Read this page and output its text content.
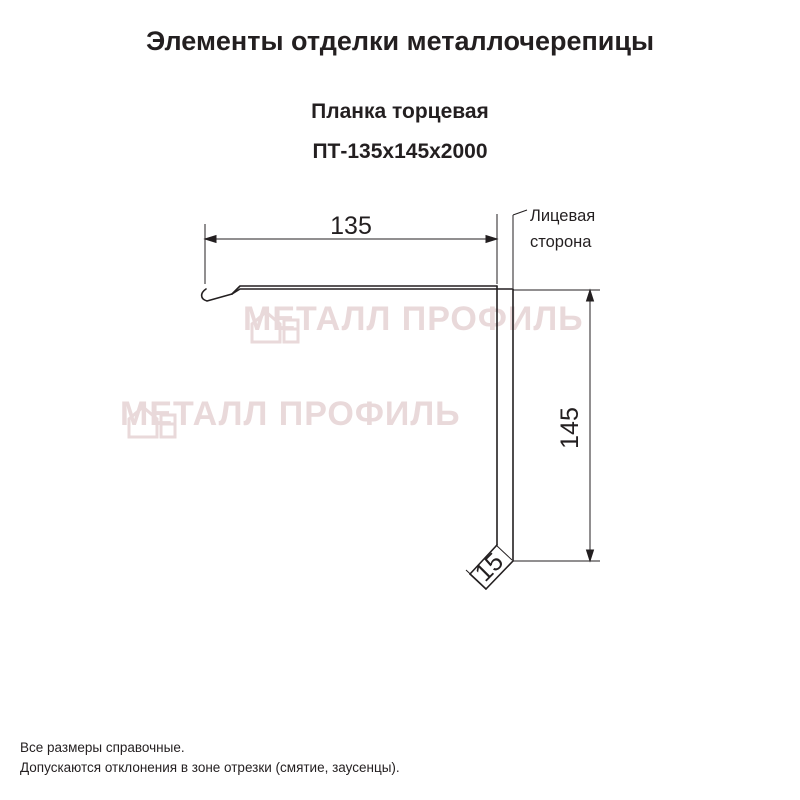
МЕТАЛЛ ПРОФИЛЬ
МЕТАЛЛ ПРОФИЛЬ
Элементы отделки металлочерепицы
Планка торцевая
ПТ-135х145х2000
135
145
15
Лицевая
сторона
Все размеры справочные.
Допускаются отклонения в зоне отрезки (смятие, заусенцы).
